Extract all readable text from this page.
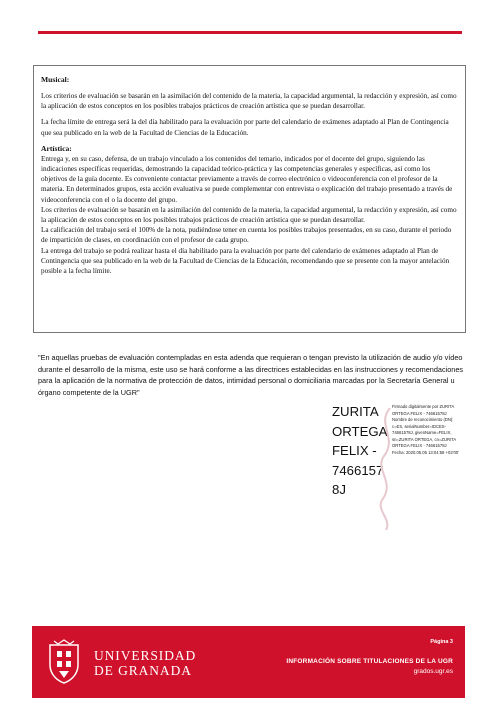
Musical:

Los criterios de evaluación se basarán en la asimilación del contenido de la materia, la capacidad argumental, la redacción y expresión, así como la aplicación de estos conceptos en los posibles trabajos prácticos de creación artística que se puedan desarrollar.

La fecha límite de entrega será la del día habilitado para la evaluación por parte del calendario de exámenes adaptado al Plan de Contingencia que sea publicado en la web de la Facultad de Ciencias de la Educación.

Artística:

Entrega y, en su caso, defensa, de un trabajo vinculado a los contenidos del temario, indicados por el docente del grupo, siguiendo las indicaciones específicas requeridas, demostrando la capacidad teórico-práctica y las competencias generales y específicas, así como los objetivos de la guía docente. Es conveniente contactar previamente a través de correo electrónico o videoconferencia con el profesor de la materia. En determinados grupos, esta acción evaluativa se puede complementar con entrevista o explicación del trabajo presentado a través de videoconferencia con el o la docente del grupo.

Los criterios de evaluación se basarán en la asimilación del contenido de la materia, la capacidad argumental, la redacción y expresión, así como la aplicación de estos conceptos en los posibles trabajos prácticos de creación artística que se puedan desarrollar.

La calificación del trabajo será el 100% de la nota, pudiéndose tener en cuenta los posibles trabajos presentados, en su caso, durante el periodo de impartición de clases, en coordinación con el profesor de cada grupo.

La entrega del trabajo se podrá realizar hasta el día habilitado para la evaluación por parte del calendario de exámenes adaptado al Plan de Contingencia que sea publicado en la web de la Facultad de Ciencias de la Educación, recomendando que se presente con la mayor antelación posible a la fecha límite.

"En aquellas pruebas de evaluación contempladas en esta adenda que requieran o tengan previsto la utilización de audio y/o vídeo durante el desarrollo de la misma, este uso se hará conforme a las directrices establecidas en las instrucciones y recomendaciones para la aplicación de la normativa de protección de datos, intimidad personal o domiciliaria marcadas por la Secretaría General u órgano competente de la UGR"

ZURITA
ORTEGA
FELIX -
7466157
8J
Firmado digitalmente por ZURITA ORTEGA FELIX - 74661578J Nombre de reconocimiento (DN): c=ES, serialNumber=IDCES-74661578J, givenName=FELIX, sn=ZURITA ORTEGA, cn=ZURITA ORTEGA FELIX - 74661578J Fecha: 2020.05.05 13:04:58 +02'00'
UNIVERSIDAD
DE GRANADA
Página 3
INFORMACIÓN SOBRE TITULACIONES DE LA UGR
grados.ugr.es
